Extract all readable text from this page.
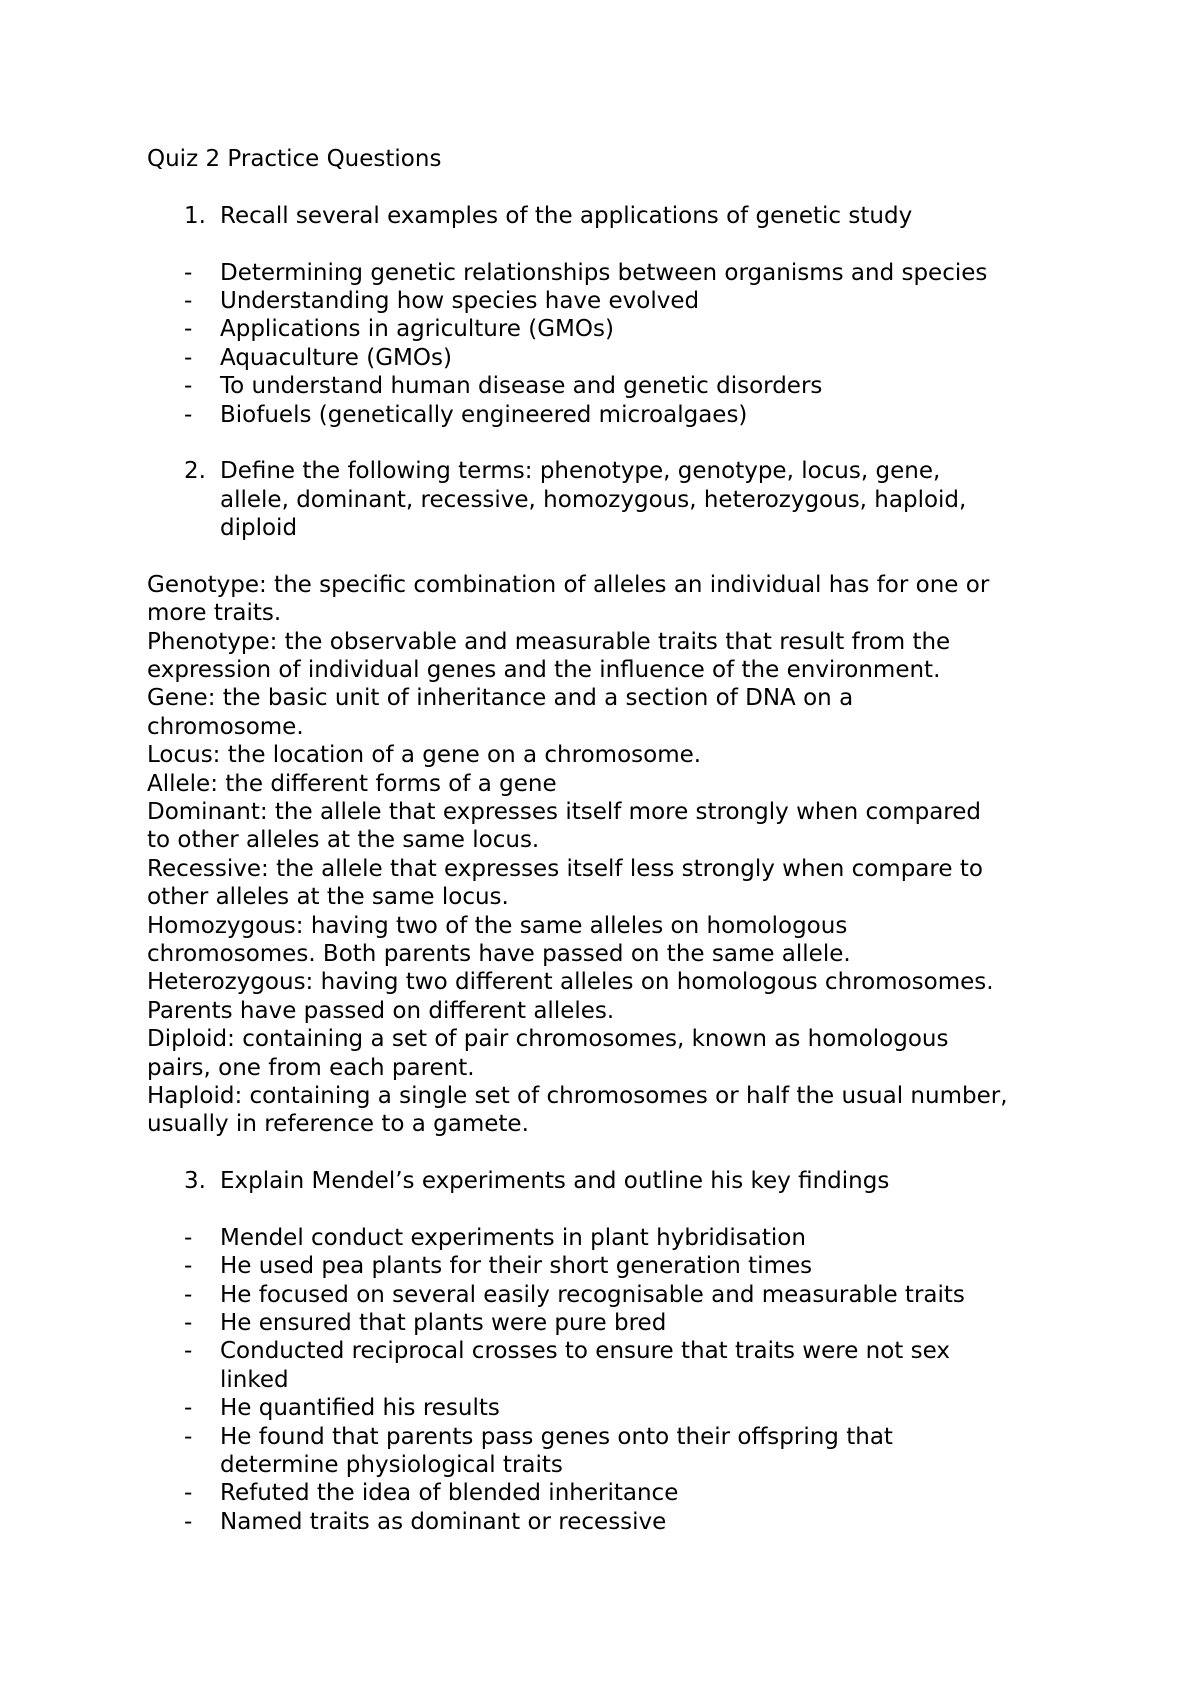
Quiz 2 Practice Questions
1. Recall several examples of the applications of genetic study
- Determining genetic relationships between organisms and species
- Understanding how species have evolved
- Applications in agriculture (GMOs)
- Aquaculture (GMOs)
- To understand human disease and genetic disorders
- Biofuels (genetically engineered microalgaes)
2. Define the following terms: phenotype, genotype, locus, gene,
allele, dominant, recessive, homozygous, heterozygous, haploid,
diploid
Genotype: the specific combination of alleles an individual has for one or
more traits.
Phenotype: the observable and measurable traits that result from the
expression of individual genes and the influence of the environment.
Gene: the basic unit of inheritance and a section of DNA on a
chromosome.
Locus: the location of a gene on a chromosome.
Allele: the different forms of a gene
Dominant: the allele that expresses itself more strongly when compared
to other alleles at the same locus.
Recessive: the allele that expresses itself less strongly when compare to
other alleles at the same locus.
Homozygous: having two of the same alleles on homologous
chromosomes. Both parents have passed on the same allele.
Heterozygous: having two different alleles on homologous chromosomes.
Parents have passed on different alleles.
Diploid: containing a set of pair chromosomes, known as homologous
pairs, one from each parent.
Haploid: containing a single set of chromosomes or half the usual number,
usually in reference to a gamete.
3. Explain Mendel’s experiments and outline his key findings
- Mendel conduct experiments in plant hybridisation
- He used pea plants for their short generation times
- He focused on several easily recognisable and measurable traits
- He ensured that plants were pure bred
- Conducted reciprocal crosses to ensure that traits were not sex
linked
- He quantified his results
- He found that parents pass genes onto their offspring that
determine physiological traits
- Refuted the idea of blended inheritance
- Named traits as dominant or recessive
